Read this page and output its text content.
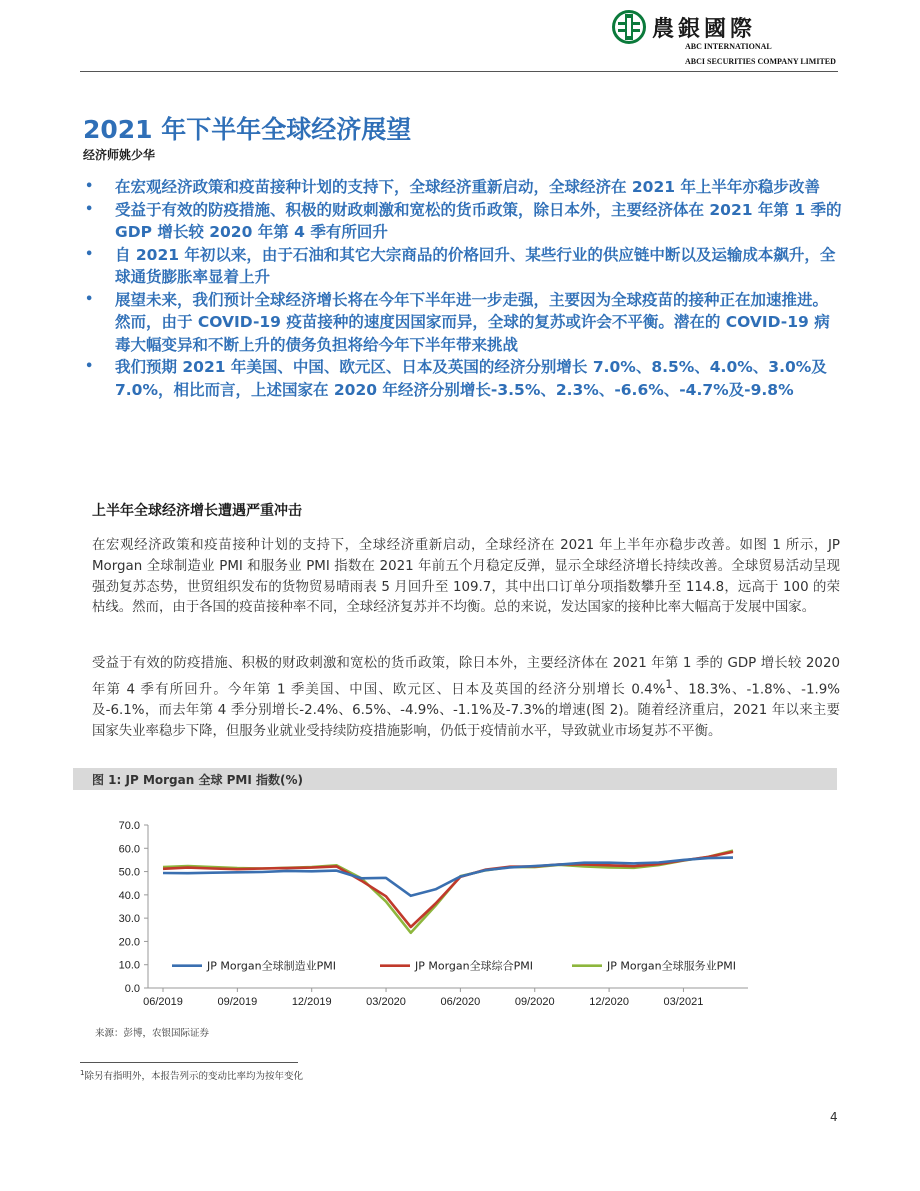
農銀國際
ABC INTERNATIONAL
ABCI SECURITIES COMPANY LIMITED
2021 年下半年全球经济展望
经济师姚少华
• 在宏观经济政策和疫苗接种计划的支持下，全球经济重新启动，全球经济在 2021 年上半年亦稳步改善
• 受益于有效的防疫措施、积极的财政刺激和宽松的货币政策，除日本外，主要经济体在 2021 年第 1 季的 GDP 增长较 2020 年第 4 季有所回升
• 自 2021 年初以来，由于石油和其它大宗商品的价格回升、某些行业的供应链中断以及运输成本飙升，全球通货膨胀率显着上升
• 展望未来，我们预计全球经济增长将在今年下半年进一步走强，主要因为全球疫苗的接种正在加速推进。然而，由于 COVID-19 疫苗接种的速度因国家而异，全球的复苏或许会不平衡。潜在的 COVID-19 病毒大幅变异和不断上升的债务负担将给今年下半年带来挑战
• 我们预期 2021 年美国、中国、欧元区、日本及英国的经济分别增长 7.0%、8.5%、4.0%、3.0%及 7.0%，相比而言，上述国家在 2020 年经济分别增长-3.5%、2.3%、-6.6%、-4.7%及-9.8%
上半年全球经济增长遭遇严重冲击
在宏观经济政策和疫苗接种计划的支持下，全球经济重新启动，全球经济在 2021 年上半年亦稳步改善。如图 1 所示，JP Morgan 全球制造业 PMI 和服务业 PMI 指数在 2021 年前五个月稳定反弹，显示全球经济增长持续改善。全球贸易活动呈现强劲复苏态势，世贸组织发布的货物贸易晴雨表 5 月回升至 109.7，其中出口订单分项指数攀升至 114.8，远高于 100 的荣枯线。然而，由于各国的疫苗接种率不同，全球经济复苏并不均衡。总的来说，发达国家的接种比率大幅高于发展中国家。
受益于有效的防疫措施、积极的财政刺激和宽松的货币政策，除日本外，主要经济体在 2021 年第 1 季的 GDP 增长较 2020 年第 4 季有所回升。今年第 1 季美国、中国、欧元区、日本及英国的经济分别增长 0.4%$^1$、18.3%、-1.8%、-1.9%及-6.1%，而去年第 4 季分别增长-2.4%、6.5%、-4.9%、-1.1%及-7.3%的增速(图 2)。随着经济重启，2021 年以来主要国家失业率稳步下降，但服务业就业受持续防疫措施影响，仍低于疫情前水平，导致就业市场复苏不平衡。
图 1: JP Morgan 全球 PMI 指数(%)
0.0
10.0
20.0
30.0
40.0
50.0
60.0
70.0
06/2019	09/2019	12/2019	03/2020	06/2020	09/2020	12/2020	03/2021
JP Morgan全球制造业PMI	JP Morgan全球综合PMI	JP Morgan全球服务业PMI
来源：彭博，农银国际证券
$^1$除另有指明外，本报告列示的变动比率均为按年变化
4
